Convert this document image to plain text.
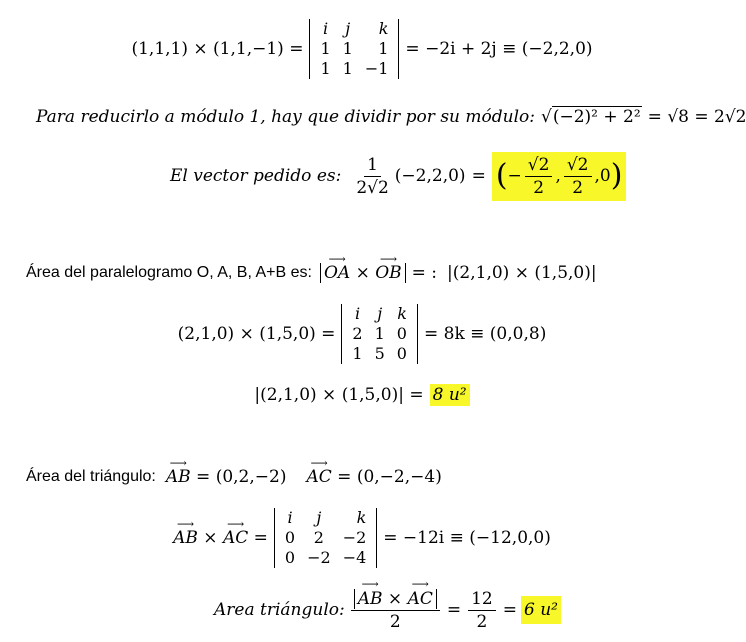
(1,1,1) × (1,1,−1) =
i	j	k
1	1	1
1	1	−1
= −2i + 2j ≡ (−2,2,0)
Para reducirlo a módulo 1, hay que dividir por su módulo: √(−2)² + 2² = √8 = 2√2
El vector pedido es: $\frac{1}{2√2} (-2,2,0)$ = ( − $\frac{√2}{2}$ , $\frac{√2}{2}$ , 0 )
Área del paralelogramo O, A, B, A+B es:
⟶
OA ×
⟶
OB = : |(2,1,0) × (1,5,0)|
(2,1,0) × (1,5,0) =
i	j	k
2	1	0
1	5	0
= 8k ≡ (0,0,8)
|(2,1,0) × (1,5,0)| = 8 u²
Área del triángulo:
⟶
AB = (0,2,−2)
⟶
AC = (0,−2,−4)
⟶
AB ×
⟶
AC =
i	j	k
0	2	−2
0	−2	−4
= −12i ≡ (−12,0,0)
Area triángulo: ⟶
AB ×
⟶
AC
$2 = \frac{12}{2} = 6$ u²
